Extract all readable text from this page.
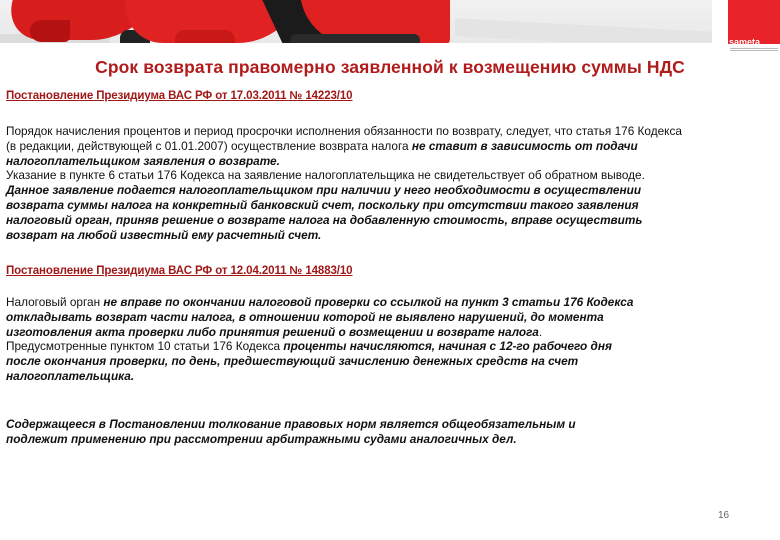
sameta
Срок возврата правомерно заявленной к возмещению суммы НДС
Постановление Президиума ВАС РФ от 17.03.2011 № 14223/10
Порядок начисления процентов и период просрочки исполнения обязанности по возврату, следует, что статья 176 Кодекса
(в редакции, действующей с 01.01.2007) осуществление возврата налога не ставит в зависимость от подачи
налогоплательщиком заявления о возврате.
Указание в пункте 6 статьи 176 Кодекса на заявление налогоплательщика не свидетельствует об обратном выводе.
Данное заявление подается налогоплательщиком при наличии у него необходимости в осуществлении
возврата суммы налога на конкретный банковский счет, поскольку при отсутствии такого заявления
налоговый орган, приняв решение о возврате налога на добавленную стоимость, вправе осуществить
возврат на любой известный ему расчетный счет.
Постановление Президиума ВАС РФ от 12.04.2011 № 14883/10
Налоговый орган не вправе по окончании налоговой проверки со ссылкой на пункт 3 статьи 176 Кодекса
откладывать возврат части налога, в отношении которой не выявлено нарушений, до момента
изготовления акта проверки либо принятия решений о возмещении и возврате налога.
Предусмотренные пунктом 10 статьи 176 Кодекса проценты начисляются, начиная с 12-го рабочего дня
после окончания проверки, по день, предшествующий зачислению денежных средств на счет
налогоплательщика.
Содержащееся в Постановлении толкование правовых норм является общеобязательным и
подлежит применению при рассмотрении арбитражными судами аналогичных дел.
16
